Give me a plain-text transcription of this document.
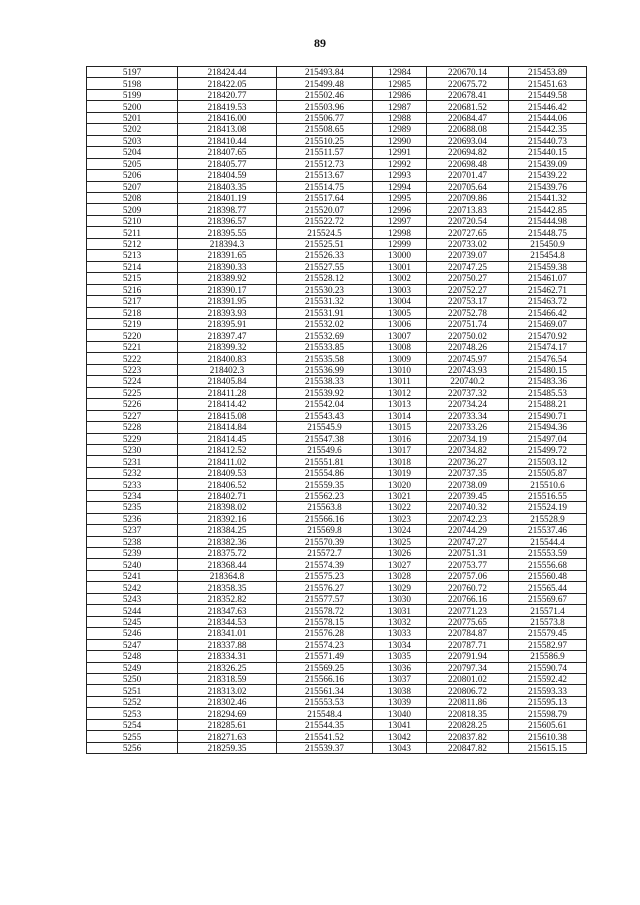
89
5197	218424.44	215493.84	12984	220670.14	215453.89
5198	218422.05	215499.48	12985	220675.72	215451.63
5199	218420.77	215502.46	12986	220678.41	215449.58
5200	218419.53	215503.96	12987	220681.52	215446.42
5201	218416.00	215506.77	12988	220684.47	215444.06
5202	218413.08	215508.65	12989	220688.08	215442.35
5203	218410.44	215510.25	12990	220693.04	215440.73
5204	218407.65	215511.57	12991	220694.82	215440.15
5205	218405.77	215512.73	12992	220698.48	215439.09
5206	218404.59	215513.67	12993	220701.47	215439.22
5207	218403.35	215514.75	12994	220705.64	215439.76
5208	218401.19	215517.64	12995	220709.86	215441.32
5209	218398.77	215520.07	12996	220713.83	215442.85
5210	218396.57	215522.72	12997	220720.54	215444.98
5211	218395.55	215524.5	12998	220727.65	215448.75
5212	218394.3	215525.51	12999	220733.02	215450.9
5213	218391.65	215526.33	13000	220739.07	215454.8
5214	218390.33	215527.55	13001	220747.25	215459.38
5215	218389.92	215528.12	13002	220750.27	215461.07
5216	218390.17	215530.23	13003	220752.27	215462.71
5217	218391.95	215531.32	13004	220753.17	215463.72
5218	218393.93	215531.91	13005	220752.78	215466.42
5219	218395.91	215532.02	13006	220751.74	215469.07
5220	218397.47	215532.69	13007	220750.02	215470.92
5221	218399.32	215533.85	13008	220748.26	215474.17
5222	218400.83	215535.58	13009	220745.97	215476.54
5223	218402.3	215536.99	13010	220743.93	215480.15
5224	218405.84	215538.33	13011	220740.2	215483.36
5225	218411.28	215539.92	13012	220737.32	215485.53
5226	218414.42	215542.04	13013	220734.24	215488.21
5227	218415.08	215543.43	13014	220733.34	215490.71
5228	218414.84	215545.9	13015	220733.26	215494.36
5229	218414.45	215547.38	13016	220734.19	215497.04
5230	218412.52	215549.6	13017	220734.82	215499.72
5231	218411.02	215551.81	13018	220736.27	215503.12
5232	218409.53	215554.86	13019	220737.35	215505.87
5233	218406.52	215559.35	13020	220738.09	215510.6
5234	218402.71	215562.23	13021	220739.45	215516.55
5235	218398.02	215563.8	13022	220740.32	215524.19
5236	218392.16	215566.16	13023	220742.23	215528.9
5237	218384.25	215569.8	13024	220744.29	215537.46
5238	218382.36	215570.39	13025	220747.27	215544.4
5239	218375.72	215572.7	13026	220751.31	215553.59
5240	218368.44	215574.39	13027	220753.77	215556.68
5241	218364.8	215575.23	13028	220757.06	215560.48
5242	218358.35	215576.27	13029	220760.72	215565.44
5243	218352.82	215577.57	13030	220766.16	215569.67
5244	218347.63	215578.72	13031	220771.23	215571.4
5245	218344.53	215578.15	13032	220775.65	215573.8
5246	218341.01	215576.28	13033	220784.87	215579.45
5247	218337.88	215574.23	13034	220787.71	215582.97
5248	218334.31	215571.49	13035	220791.94	215586.9
5249	218326.25	215569.25	13036	220797.34	215590.74
5250	218318.59	215566.16	13037	220801.02	215592.42
5251	218313.02	215561.34	13038	220806.72	215593.33
5252	218302.46	215553.53	13039	220811.86	215595.13
5253	218294.69	215548.4	13040	220818.35	215598.79
5254	218285.61	215544.35	13041	220828.25	215605.61
5255	218271.63	215541.52	13042	220837.82	215610.38
5256	218259.35	215539.37	13043	220847.82	215615.15
